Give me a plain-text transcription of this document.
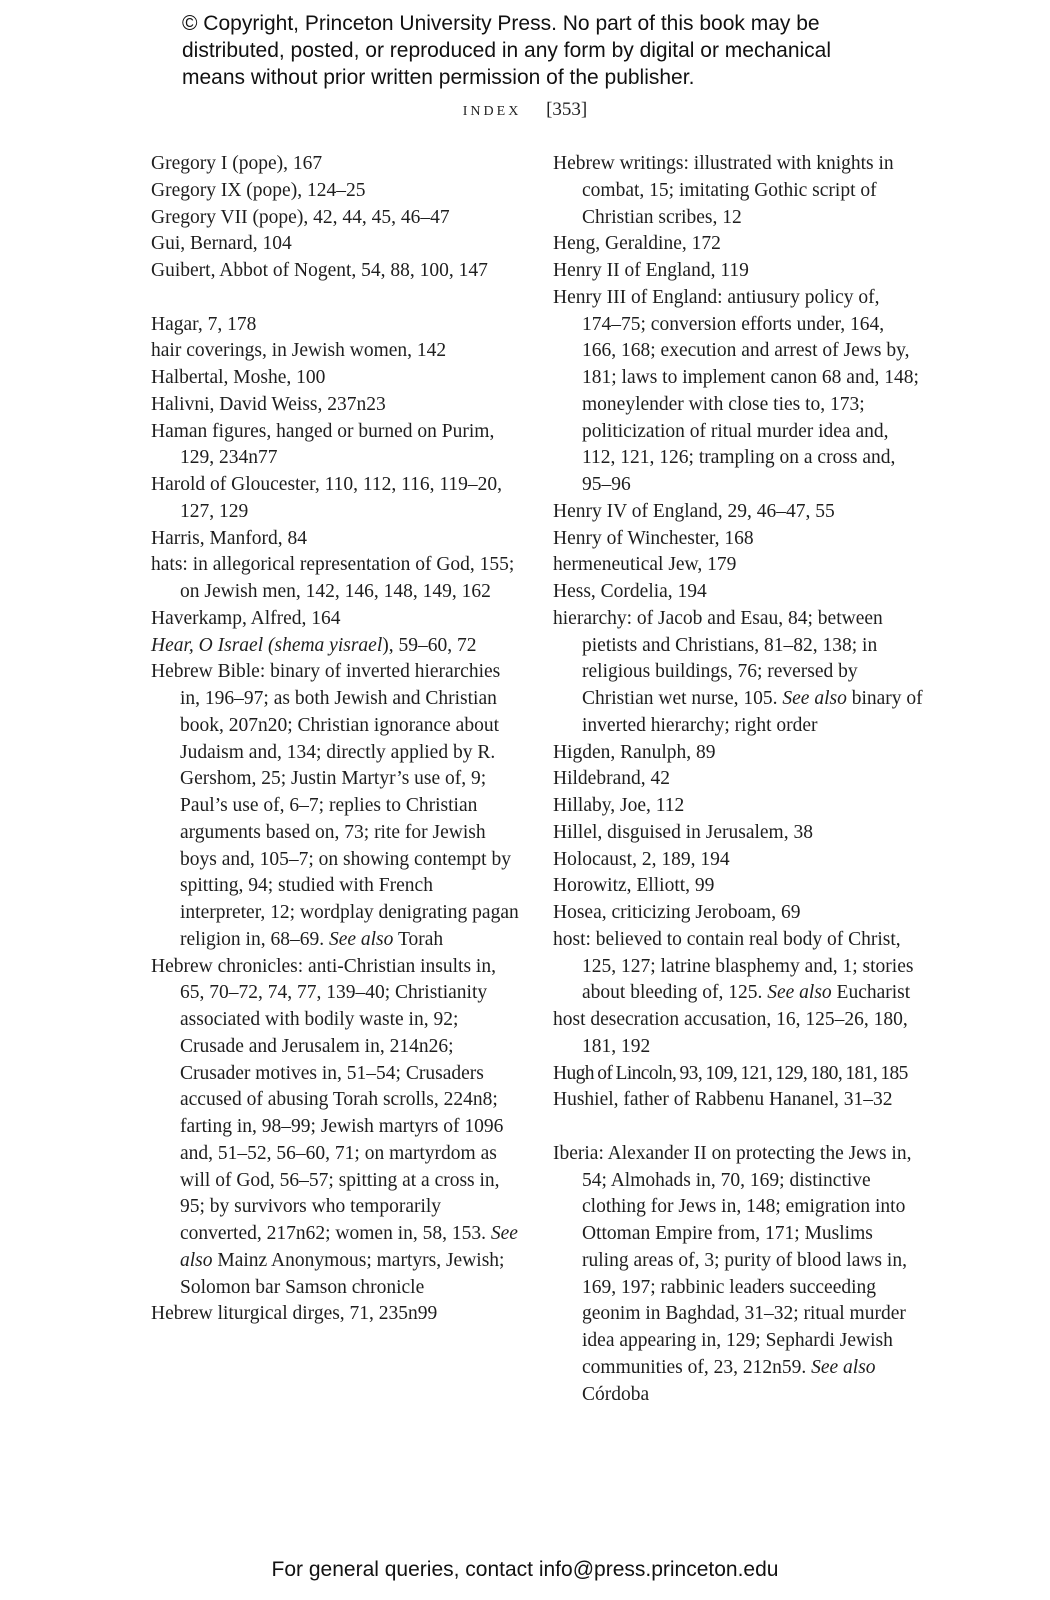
© Copyright, Princeton University Press. No part of this book may be
distributed, posted, or reproduced in any form by digital or mechanical
means without prior written permission of the publisher.
INDEX [353]

Gregory I (pope), 167

Gregory IX (pope), 124–25

Gregory VII (pope), 42, 44, 45, 46–47

Gui, Bernard, 104

Guibert, Abbot of Nogent, 54, 88, 100, 147

Hagar, 7, 178

hair coverings, in Jewish women, 142

Halbertal, Moshe, 100

Halivni, David Weiss, 237n23

Haman figures, hanged or burned on Purim, 129, 234n77

Harold of Gloucester, 110, 112, 116, 119–20, 127, 129

Harris, Manford, 84

hats: in allegorical representation of God, 155; on Jewish men, 142, 146, 148, 149, 162

Haverkamp, Alfred, 164

Hear, O Israel (shema yisrael), 59–60, 72

Hebrew Bible: binary of inverted hierarchies in, 196–97; as both Jewish and Christian book, 207n20; Christian ignorance about Judaism and, 134; directly applied by R. Gershom, 25; Justin Martyr’s use of, 9; Paul’s use of, 6–7; replies to Christian arguments based on, 73; rite for Jewish boys and, 105–7; on showing contempt by spitting, 94; studied with French interpreter, 12; wordplay denigrating pagan religion in, 68–69. See also Torah

Hebrew chronicles: anti-Christian insults in, 65, 70–72, 74, 77, 139–40; Christianity associated with bodily waste in, 92; Crusade and Jerusalem in, 214n26; Crusader motives in, 51–54; Crusaders accused of abusing Torah scrolls, 224n8; farting in, 98–99; Jewish martyrs of 1096 and, 51–52, 56–60, 71; on martyrdom as will of God, 56–57; spitting at a cross in, 95; by survivors who temporarily converted, 217n62; women in, 58, 153. See also Mainz Anonymous; martyrs, Jewish; Solomon bar Samson chronicle

Hebrew liturgical dirges, 71, 235n99

Hebrew writings: illustrated with knights in combat, 15; imitating Gothic script of Christian scribes, 12

Heng, Geraldine, 172

Henry II of England, 119

Henry III of England: antiusury policy of, 174–75; conversion efforts under, 164, 166, 168; execution and arrest of Jews by, 181; laws to implement canon 68 and, 148; moneylender with close ties to, 173; politicization of ritual murder idea and, 112, 121, 126; trampling on a cross and, 95–96

Henry IV of England, 29, 46–47, 55

Henry of Winchester, 168

hermeneutical Jew, 179

Hess, Cordelia, 194

hierarchy: of Jacob and Esau, 84; between pietists and Christians, 81–82, 138; in religious buildings, 76; reversed by Christian wet nurse, 105. See also binary of inverted hierarchy; right order

Higden, Ranulph, 89

Hildebrand, 42

Hillaby, Joe, 112

Hillel, disguised in Jerusalem, 38

Holocaust, 2, 189, 194

Horowitz, Elliott, 99

Hosea, criticizing Jeroboam, 69

host: believed to contain real body of Christ, 125, 127; latrine blasphemy and, 1; stories about bleeding of, 125. See also Eucharist

host desecration accusation, 16, 125–26, 180, 181, 192

Hugh of Lincoln, 93, 109, 121, 129, 180, 181, 185

Hushiel, father of Rabbenu Hananel, 31–32

Iberia: Alexander II on protecting the Jews in, 54; Almohads in, 70, 169; distinctive clothing for Jews in, 148; emigration into Ottoman Empire from, 171; Muslims ruling areas of, 3; purity of blood laws in, 169, 197; rabbinic leaders succeeding geonim in Baghdad, 31–32; ritual murder idea appearing in, 129; Sephardi Jewish communities of, 23, 212n59. See also Córdoba

For general queries, contact info@press.princeton.edu
